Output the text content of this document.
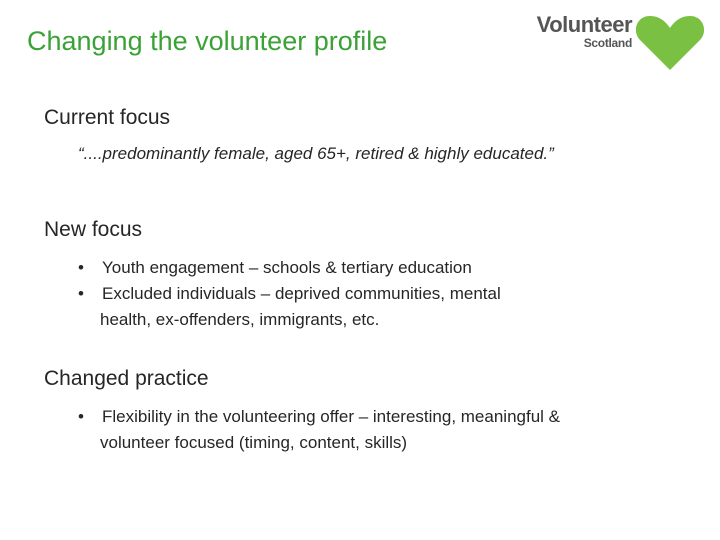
Changing the volunteer profile
Volunteer
Scotland
Current focus
“....predominantly female, aged 65+, retired & highly educated.”
New focus
•	Youth engagement – schools & tertiary education
•	Excluded individuals – deprived communities, mental
health, ex-offenders, immigrants, etc.
Changed practice
•	Flexibility in the volunteering offer – interesting, meaningful &
volunteer focused (timing, content, skills)
